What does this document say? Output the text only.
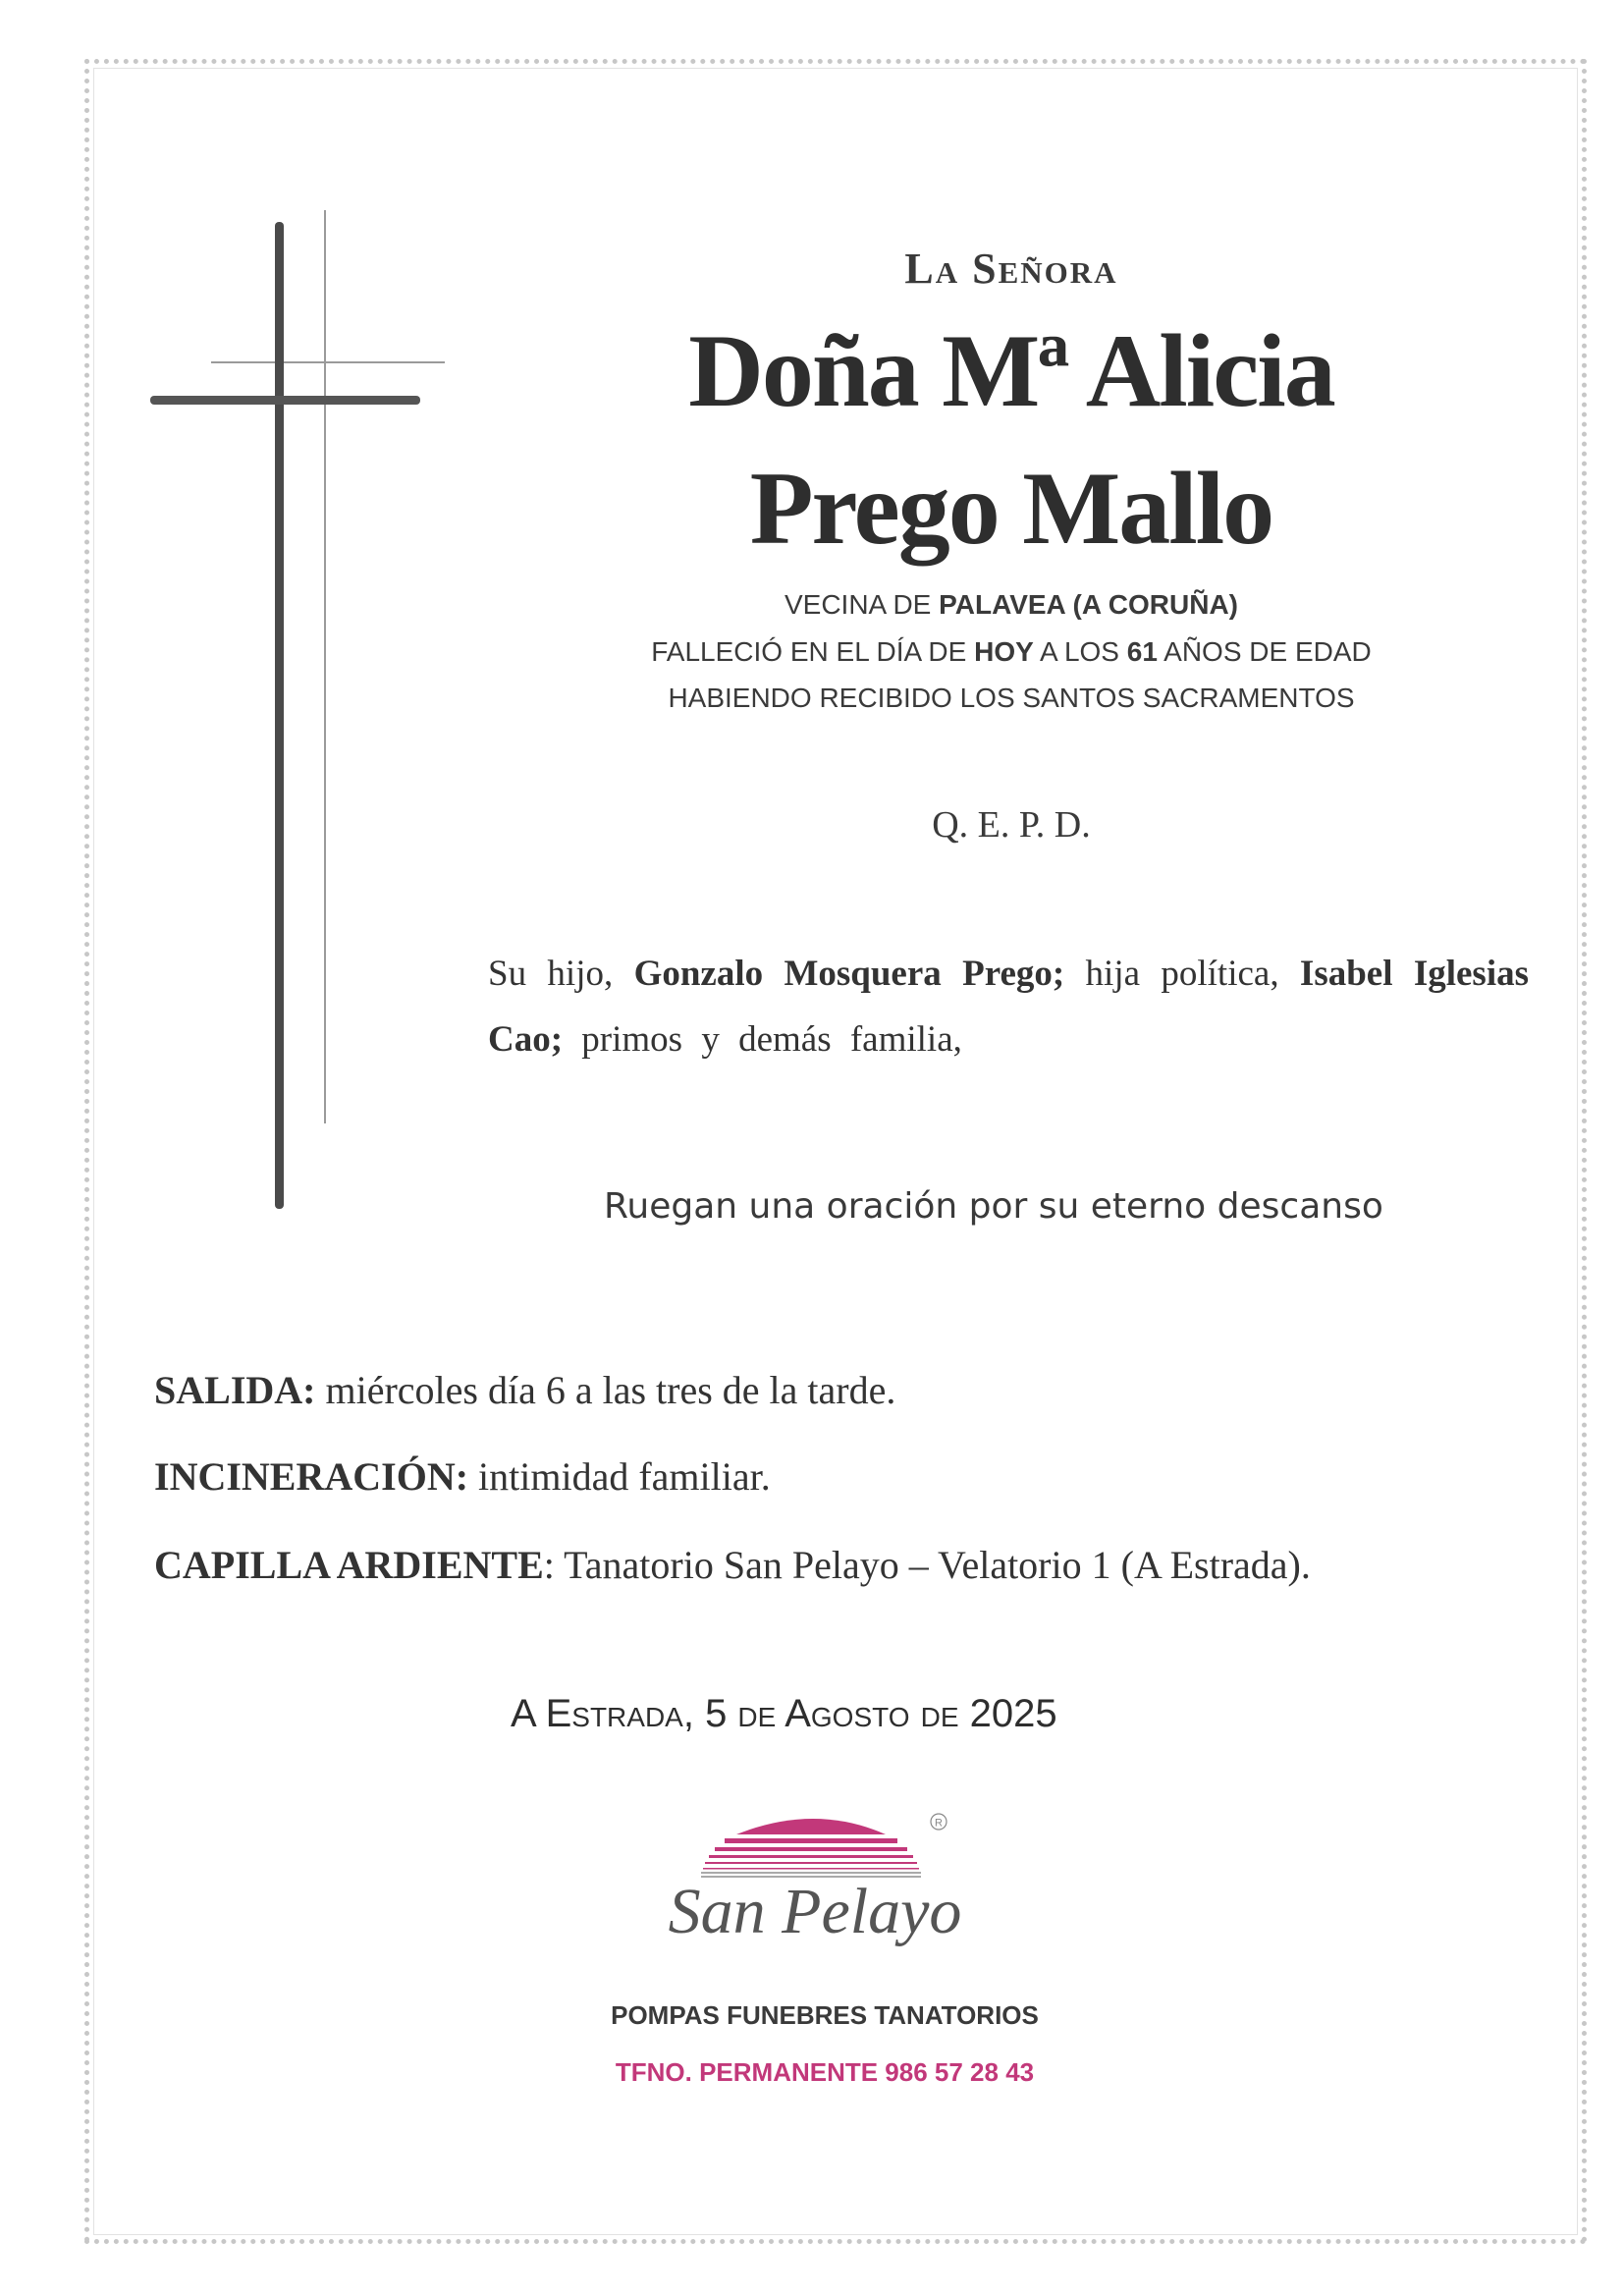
La Señora
Doña Mª Alicia
Prego Mallo
VECINA DE PALAVEA (A CORUÑA)
FALLECIÓ EN EL DÍA DE HOY A LOS 61 AÑOS DE EDAD
HABIENDO RECIBIDO LOS SANTOS SACRAMENTOS
Q. E. P. D.
Su hijo, Gonzalo Mosquera Prego; hija política, Isabel Iglesias Cao; primos y demás familia,
Ruegan una oración por su eterno descanso
SALIDA: miércoles día 6 a las tres de la tarde.
INCINERACIÓN: intimidad familiar.
CAPILLA ARDIENTE: Tanatorio San Pelayo – Velatorio 1 (A Estrada).
A Estrada, 5 de Agosto de 2025
R
San Pelayo
POMPAS FUNEBRES TANATORIOS
TFNO. PERMANENTE 986 57 28 43
